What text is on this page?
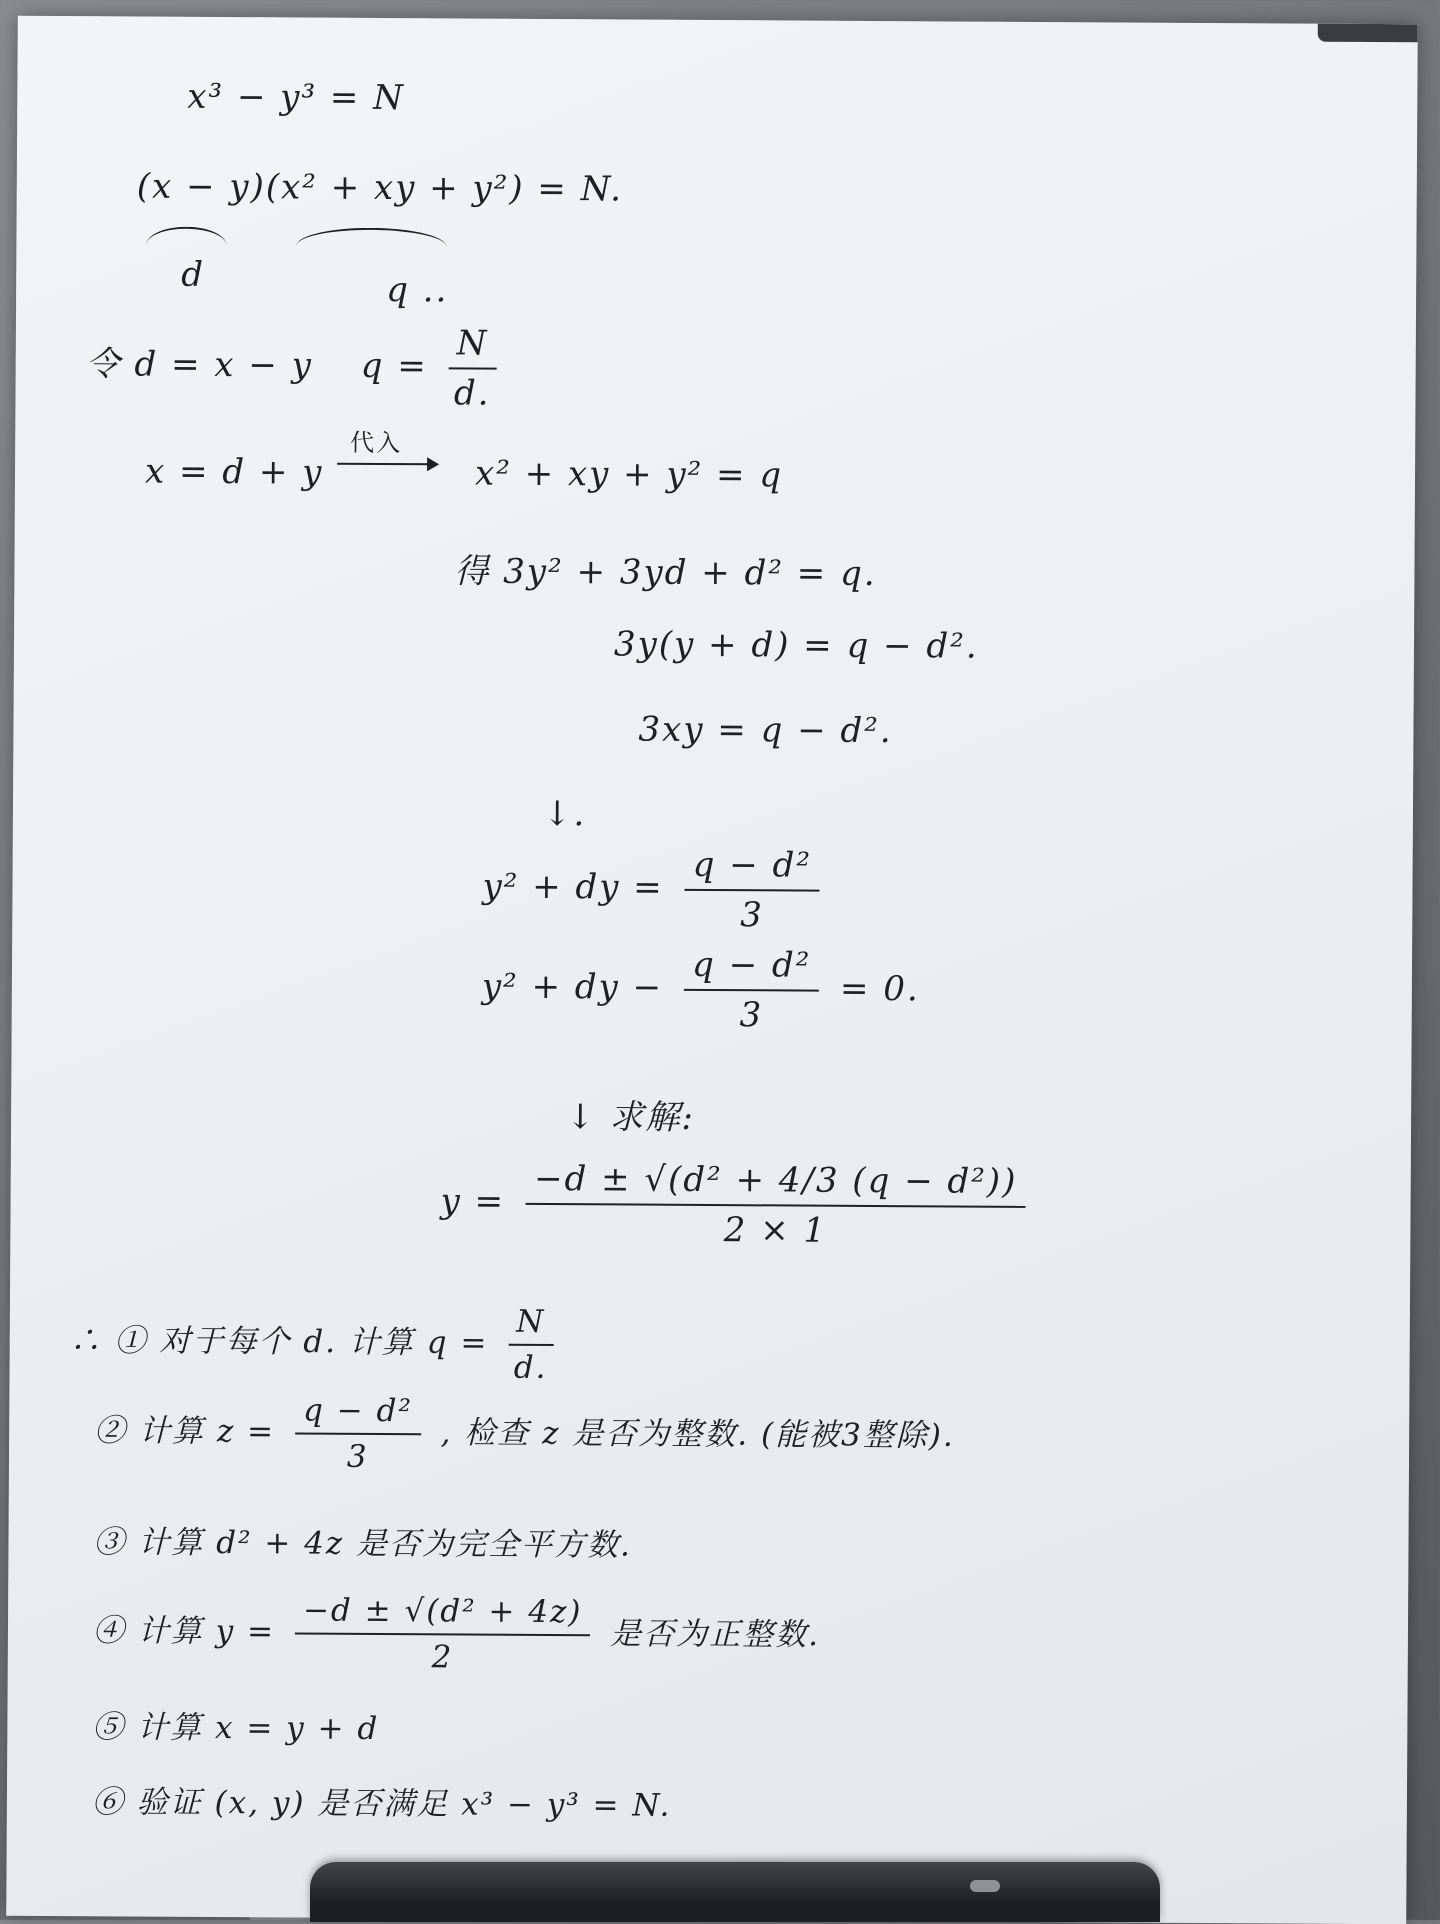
x³ − y³ = N
(x − y)(x² + xy + y²) = N.
d	q ..
令 d = x − y $q = \frac{N}{d.}$
x = d + y
代入
x² + xy + y² = q
得 3y² + 3yd + d² = q.
3y(y + d) = q − d².
3xy = q − d².
↓.
y² + dy = $\frac{\text{q − d²}}{3}$
y² + dy − $\frac{\text{q − d²}}{3} = 0$.
↓ 求解:
$y = \frac{\text{−d ± √(d² + 4/3 (q − d²))}}{2 \times 1}$
∴ ① 对于每个 d. 计算 $q = \frac{N}{d.}$
② 计算 $z = \frac{\text{q − d²}}{3}$ , 检查 z 是否为整数. (能被3整除).
③ 计算 d² + 4z 是否为完全平方数.
④ 计算 $y = \frac{\text{−d ± √(d² + 4z)}}{2}$ 是否为正整数.
⑤ 计算 x = y + d
⑥ 验证 (x, y) 是否满足 x³ − y³ = N.
